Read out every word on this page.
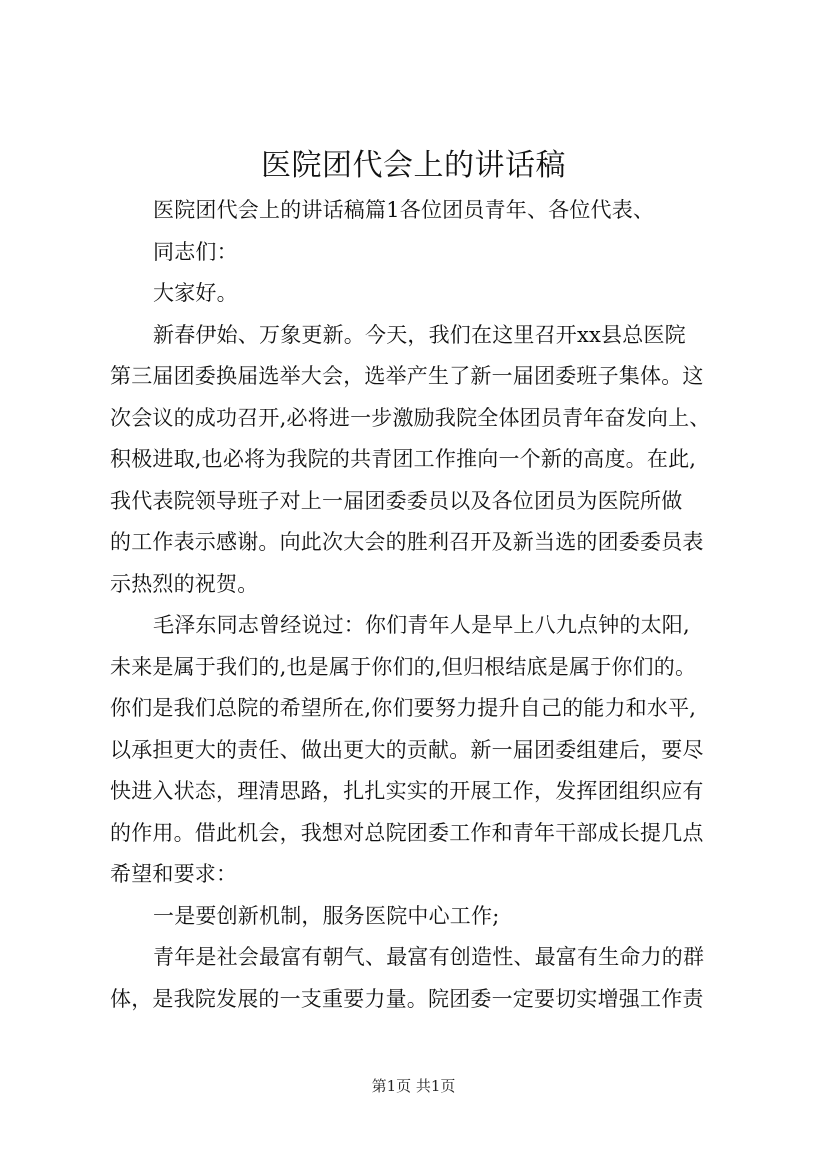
医院团代会上的讲话稿
医院团代会上的讲话稿篇1各位团员青年、各位代表、
同志们：
大家好。
新春伊始、万象更新。今天，我们在这里召开xx县总医院
第三届团委换届选举大会，选举产生了新一届团委班子集体。这
次会议的成功召开,必将进一步激励我院全体团员青年奋发向上、
积极进取,也必将为我院的共青团工作推向一个新的高度。在此,
我代表院领导班子对上一届团委委员以及各位团员为医院所做
的工作表示感谢。向此次大会的胜利召开及新当选的团委委员表
示热烈的祝贺。
毛泽东同志曾经说过：你们青年人是早上八九点钟的太阳,
未来是属于我们的,也是属于你们的,但归根结底是属于你们的。
你们是我们总院的希望所在,你们要努力提升自己的能力和水平,
以承担更大的责任、做出更大的贡献。新一届团委组建后，要尽
快进入状态，理清思路，扎扎实实的开展工作，发挥团组织应有
的作用。借此机会，我想对总院团委工作和青年干部成长提几点
希望和要求：
一是要创新机制，服务医院中心工作;
青年是社会最富有朝气、最富有创造性、最富有生命力的群
体，是我院发展的一支重要力量。院团委一定要切实增强工作责
第1页 共1页
